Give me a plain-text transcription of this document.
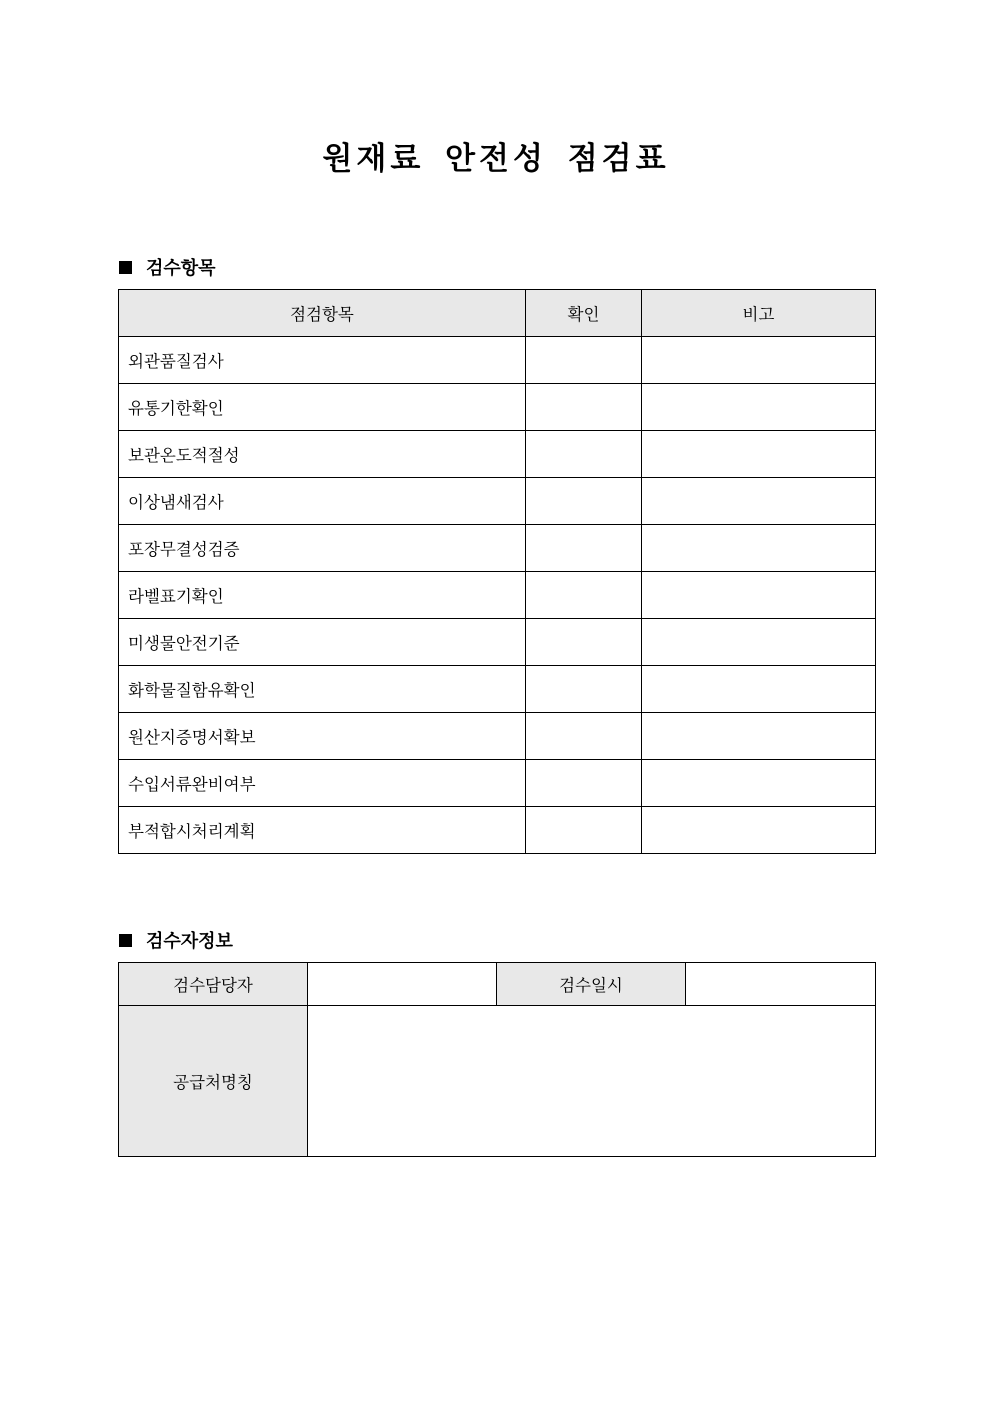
원재료 안전성 점검표
검수항목
점검항목	확인	비고
외관품질검사		
유통기한확인		
보관온도적절성		
이상냄새검사		
포장무결성검증		
라벨표기확인		
미생물안전기준		
화학물질함유확인		
원산지증명서확보		
수입서류완비여부		
부적합시처리계획		
검수자정보
검수담당자		검수일시	
공급처명칭			
